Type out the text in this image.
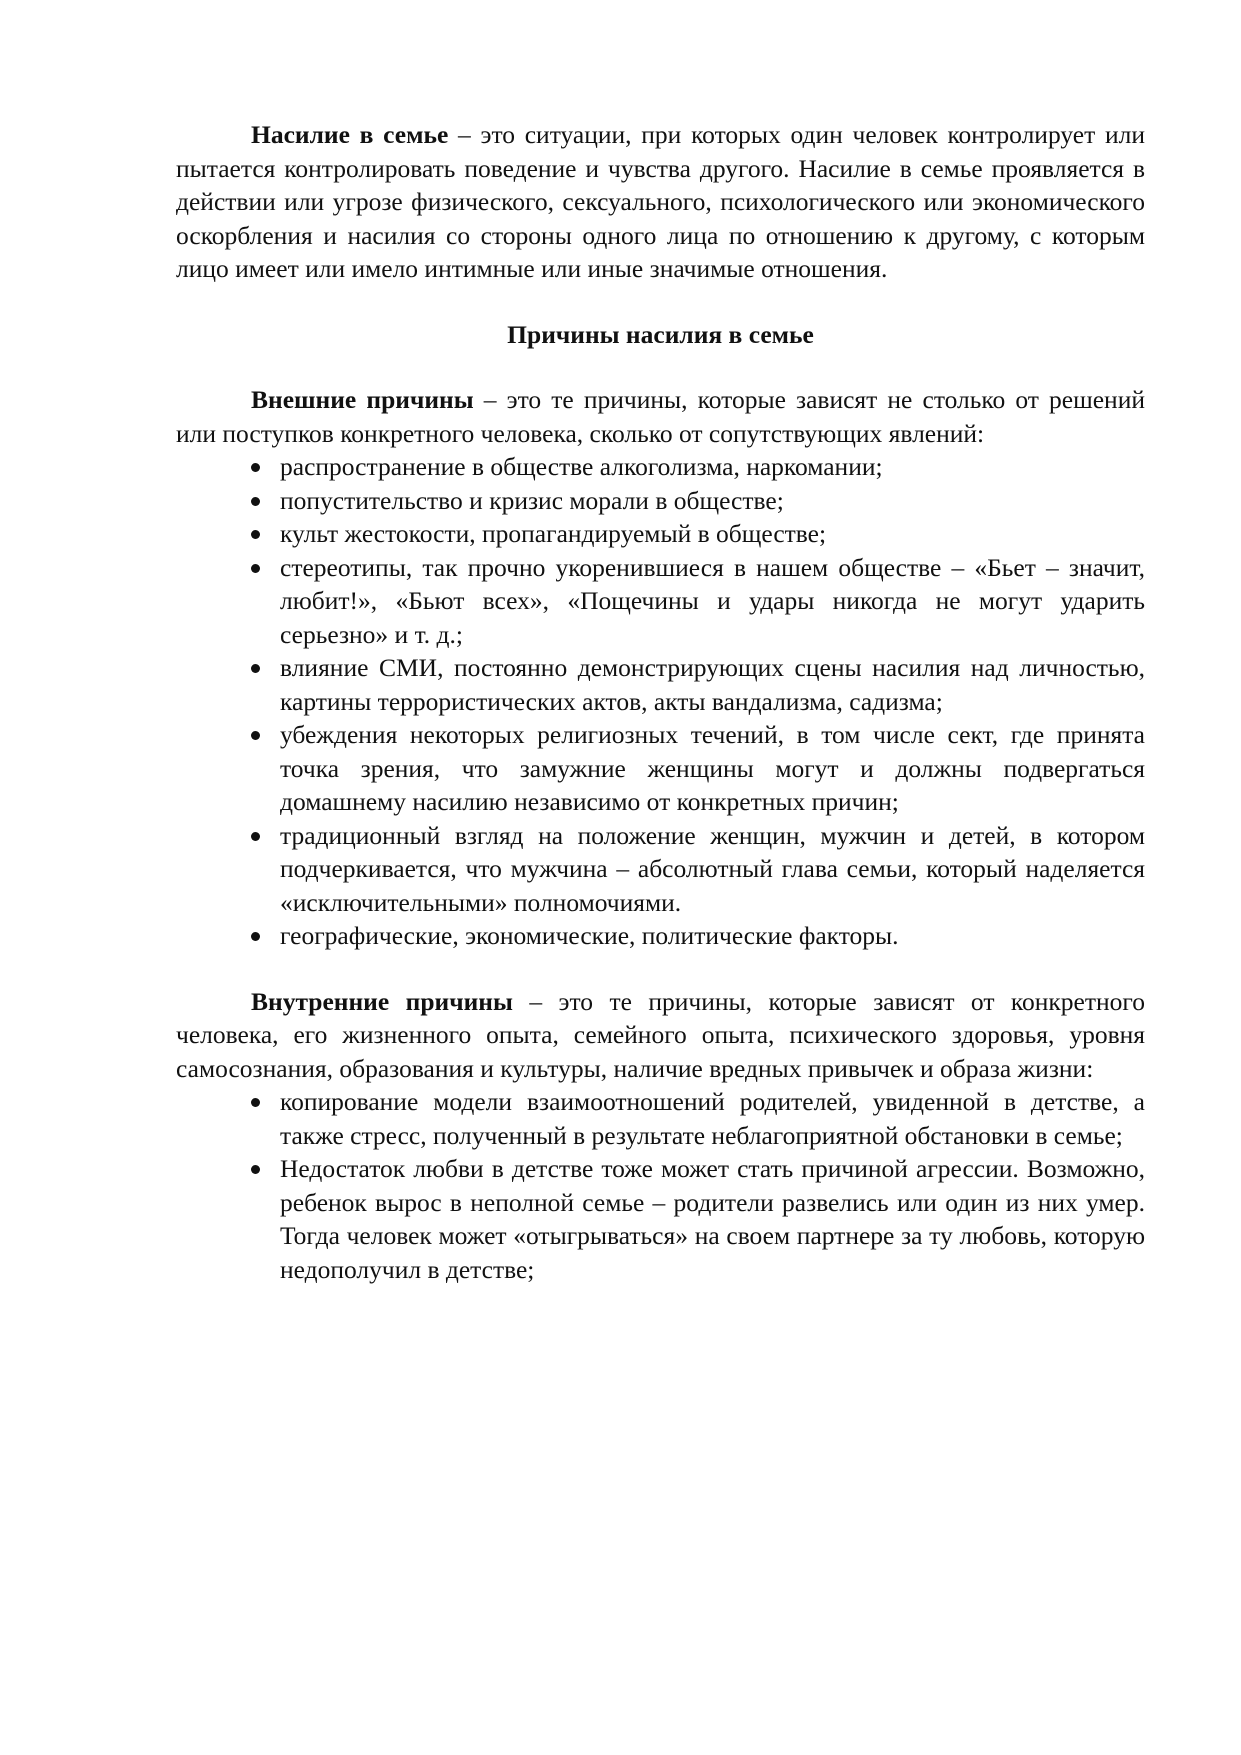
Насилие в семье – это ситуации, при которых один человек контролирует или пытается контролировать поведение и чувства другого. Насилие в семье проявляется в действии или угрозе физического, сексуального, психологического или экономического оскорбления и насилия со стороны одного лица по отношению к другому, с которым лицо имеет или имело интимные или иные значимые отношения.

Причины насилия в семье

Внешние причины – это те причины, которые зависят не столько от решений или поступков конкретного человека, сколько от сопутствующих явлений:

распространение в обществе алкоголизма, наркомании;
попустительство и кризис морали в обществе;
культ жестокости, пропагандируемый в обществе;
стереотипы, так прочно укоренившиеся в нашем обществе – «Бьет – значит, любит!», «Бьют всех», «Пощечины и удары никогда не могут ударить серьезно» и т. д.;
влияние СМИ, постоянно демонстрирующих сцены насилия над личностью, картины террористических актов, акты вандализма, садизма;
убеждения некоторых религиозных течений, в том числе сект, где принята точка зрения, что замужние женщины могут и должны подвергаться домашнему насилию независимо от конкретных причин;
традиционный взгляд на положение женщин, мужчин и детей, в котором подчеркивается, что мужчина – абсолютный глава семьи, который наделяется «исключительными» полномочиями.
географические, экономические, политические факторы.

Внутренние причины – это те причины, которые зависят от конкретного человека, его жизненного опыта, семейного опыта, психического здоровья, уровня самосознания, образования и культуры, наличие вредных привычек и образа жизни:

копирование модели взаимоотношений родителей, увиденной в детстве, а также стресс, полученный в результате неблагоприятной обстановки в семье;
Недостаток любви в детстве тоже может стать причиной агрессии. Возможно, ребенок вырос в неполной семье – родители развелись или один из них умер. Тогда человек может «отыгрываться» на своем партнере за ту любовь, которую недополучил в детстве;
